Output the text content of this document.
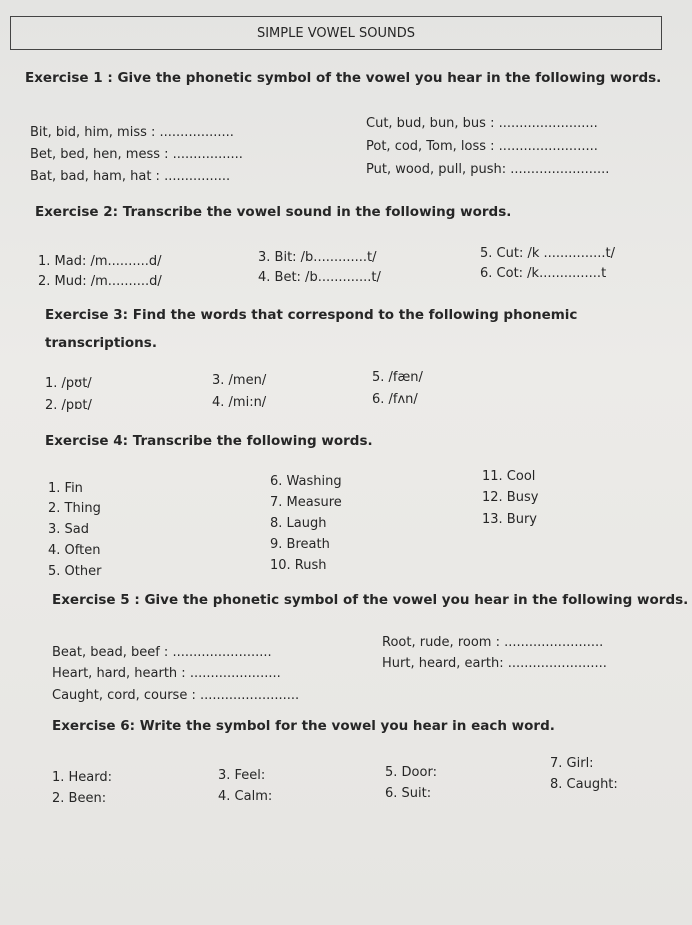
SIMPLE VOWEL SOUNDS
Exercise 1 : Give the phonetic symbol of the vowel you hear in the following words.
Bit, bid, him, miss : ..................
Bet, bed, hen, mess : .................
Bat, bad, ham, hat : ................
Cut, bud, bun, bus : ........................
Pot, cod, Tom, loss : ........................
Put, wood, pull, push: ........................
Exercise 2: Transcribe the vowel sound in the following words.
1. Mad: /m..........d/
2. Mud: /m..........d/
3. Bit: /b.............t/
4. Bet: /b.............t/
5. Cut: /k ...............t/
6. Cot: /k...............t
Exercise 3: Find the words that correspond to the following phonemic
transcriptions.
1. /pʊt/
2. /pɒt/
3. /men/
4. /mi:n/
5. /fæn/
6. /fʌn/
Exercise 4: Transcribe the following words.
1. Fin
2. Thing
3. Sad
4. Often
5. Other
6. Washing
7. Measure
8. Laugh
9. Breath
10. Rush
11. Cool
12. Busy
13. Bury
Exercise 5 : Give the phonetic symbol of the vowel you hear in the following words.
Beat, bead, beef : ........................
Heart, hard, hearth : ......................
Caught, cord, course : ........................
Root, rude, room : ........................
Hurt, heard, earth: ........................
Exercise 6: Write the symbol for the vowel you hear in each word.
1. Heard:
2. Been:
3. Feel:
4. Calm:
5. Door:
6. Suit:
7. Girl:
8. Caught:
